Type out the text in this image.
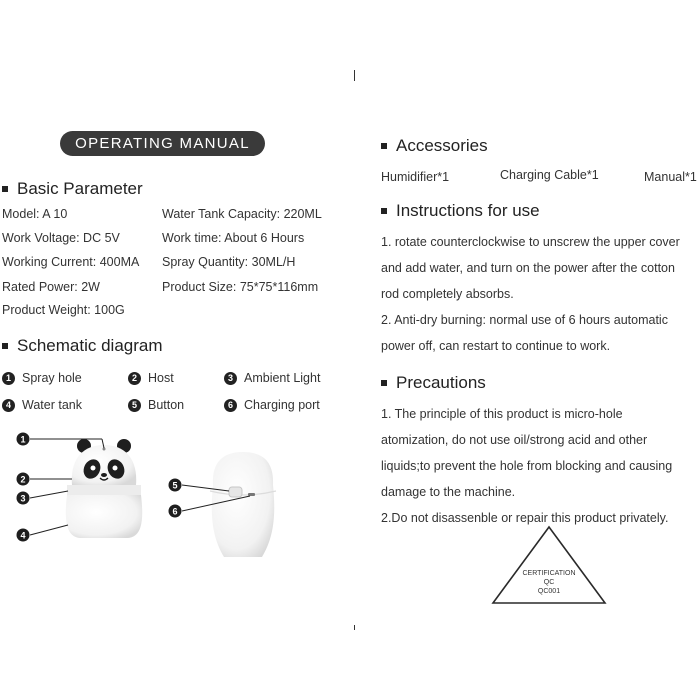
OPERATING MANUAL
Basic Parameter
Model: A 10	Water Tank Capacity: 220ML
Work Voltage: DC 5V	Work time: About 6 Hours
Working Current: 400MA Spray Quantity: 30ML/H
Rated Power: 2W	Product Size: 75*75*116mm
Product Weight: 100G
Schematic diagram
1 Spray hole	2 Host	3 Ambient Light
4 Water tank	5 Button	6 Charging port
1
2
3
4
5
6
Accessories
Humidifier*1	Charging Cable*1	Manual*1
Instructions for use
1. rotate counterclockwise to unscrew the upper cover
and add water, and turn on the power after the cotton
rod completely absorbs.
2. Anti-dry burning: normal use of 6 hours automatic
power off, can restart to continue to work.
Precautions
1. The principle of this product is micro-hole
atomization, do not use oil/strong acid and other
liquids;to prevent the hole from blocking and causing
damage to the machine.
2.Do not disassenble or repair this product privately.
CERTIFICATION
QC
QC001
